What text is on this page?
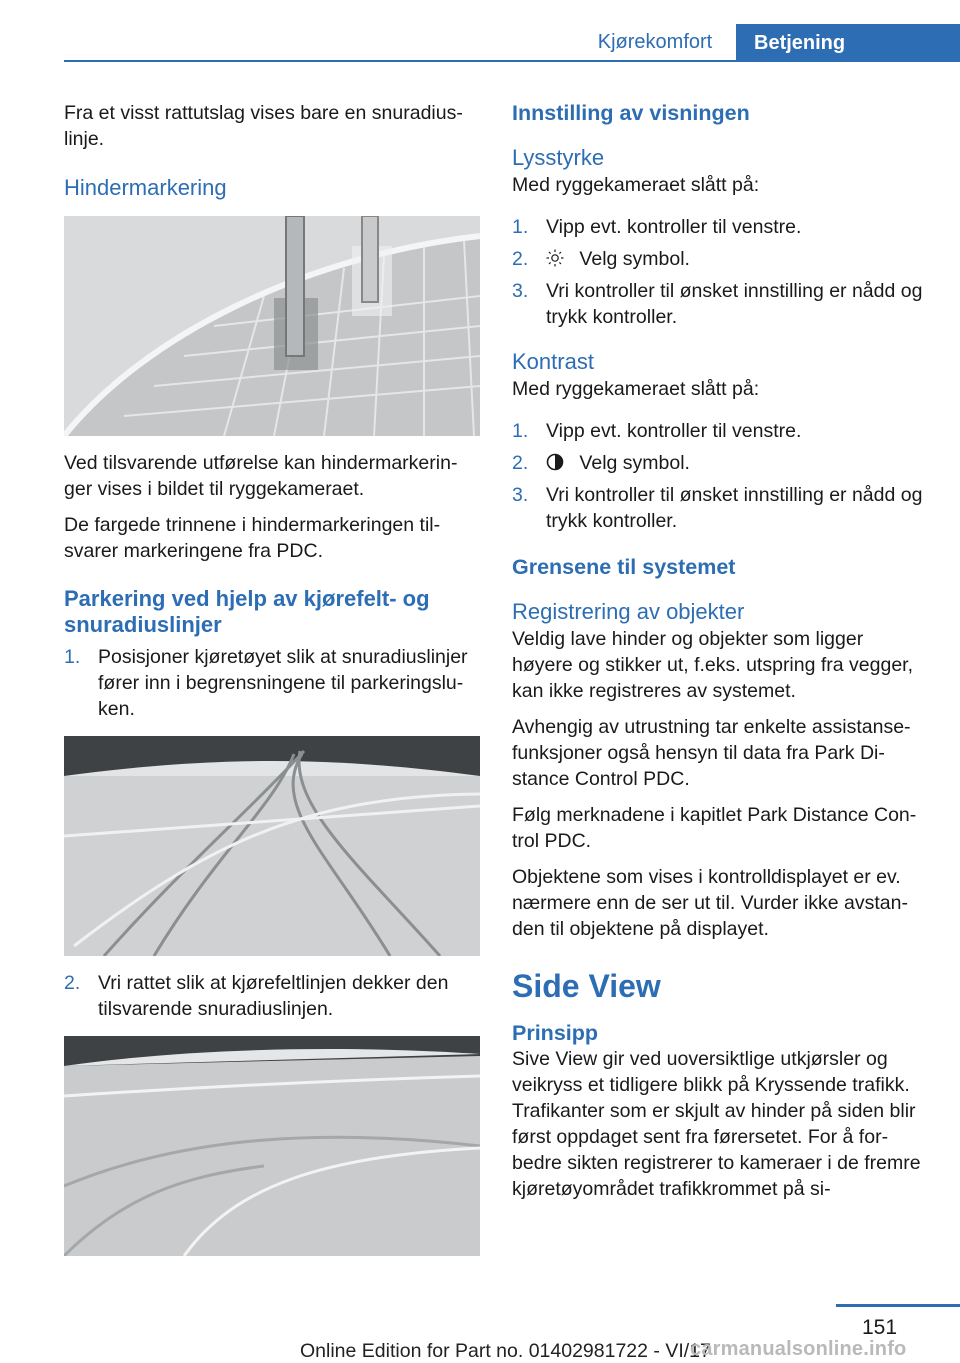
Kjørekomfort	Betjening

Fra et visst rattutslag vises bare en snuradius-linje.

Hindermarkering

Ved tilsvarende utførelse kan hindermarkerin-ger vises i bildet til ryggekameraet.

De fargede trinnene i hindermarkeringen til-svarer markeringene fra PDC.

Parkering ved hjelp av kjørefelt- og snuradiuslinjer
1. Posisjoner kjøretøyet slik at snuradiuslinjer fører inn i begrensningene til parkeringslu-ken.
2. Vri rattet slik at kjørefeltlinjen dekker den tilsvarende snuradiuslinjen.
Innstilling av visningen
Lysstyrke

Med ryggekameraet slått på:

1. Vipp evt. kontroller til venstre.
2.	Velg symbol.
3. Vri kontroller til ønsket innstilling er nådd og trykk kontroller.
Kontrast

Med ryggekameraet slått på:

1. Vipp evt. kontroller til venstre.
2.	Velg symbol.
3. Vri kontroller til ønsket innstilling er nådd og trykk kontroller.
Grensene til systemet
Registrering av objekter

Veldig lave hinder og objekter som ligger høyere og stikker ut, f.eks. utspring fra vegger, kan ikke registreres av systemet.

Avhengig av utrustning tar enkelte assistanse-funksjoner også hensyn til data fra Park Di-stance Control PDC.

Følg merknadene i kapitlet Park Distance Con-trol PDC.

Objektene som vises i kontrolldisplayet er ev. nærmere enn de ser ut til. Vurder ikke avstan-den til objektene på displayet.

Side View
Prinsipp

Sive View gir ved uoversiktlige utkjørsler og veikryss et tidligere blikk på Kryssende trafikk. Trafikanter som er skjult av hinder på siden blir først oppdaget sent fra førersetet. For å for-bedre sikten registrerer to kameraer i de fremre kjøretøyområdet trafikkrommet på si-

151
Online Edition for Part no. 01402981722 - VI/17
carmanualsonline.info
